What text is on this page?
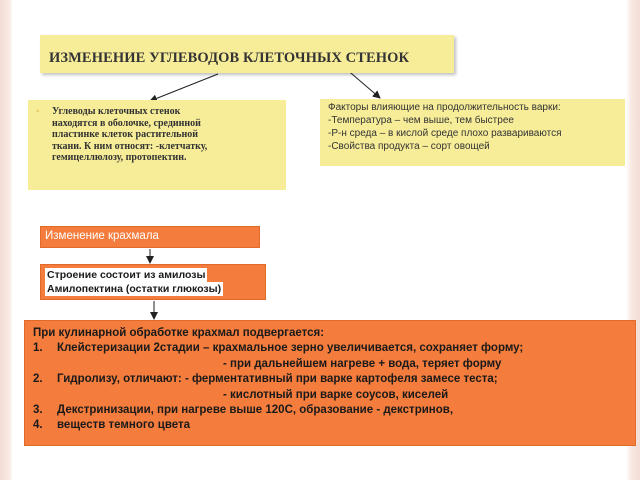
ИЗМЕНЕНИЕ УГЛЕВОДОВ КЛЕТОЧНЫХ СТЕНОК
◦ Углеводы клеточных стенок
находятся в оболочке, срединной
пластинке клеток растительной
ткани. К ним относят: -клетчатку,
гемицеллюлозу, протопектин.
Факторы влияющие на продолжительность варки:
-Температура – чем выше, тем быстрее
-Р-н среда – в кислой среде плохо развариваются
-Свойства продукта – сорт овощей
Изменение крахмала
Строение состоит из амилозы
Амилопектина (остатки глюкозы)
При кулинарной обработке крахмал подвергается:
1. Клейстеризации 2стадии – крахмальное зерно увеличивается, сохраняет форму;
- при дальнейшем нагреве + вода, теряет форму
2. Гидролизу, отличают: - ферментативный при варке картофеля замесе теста;
- кислотный при варке соусов, киселей
3. Декстринизации, при нагреве выше 120С, образование - декстринов,
4. веществ темного цвета
